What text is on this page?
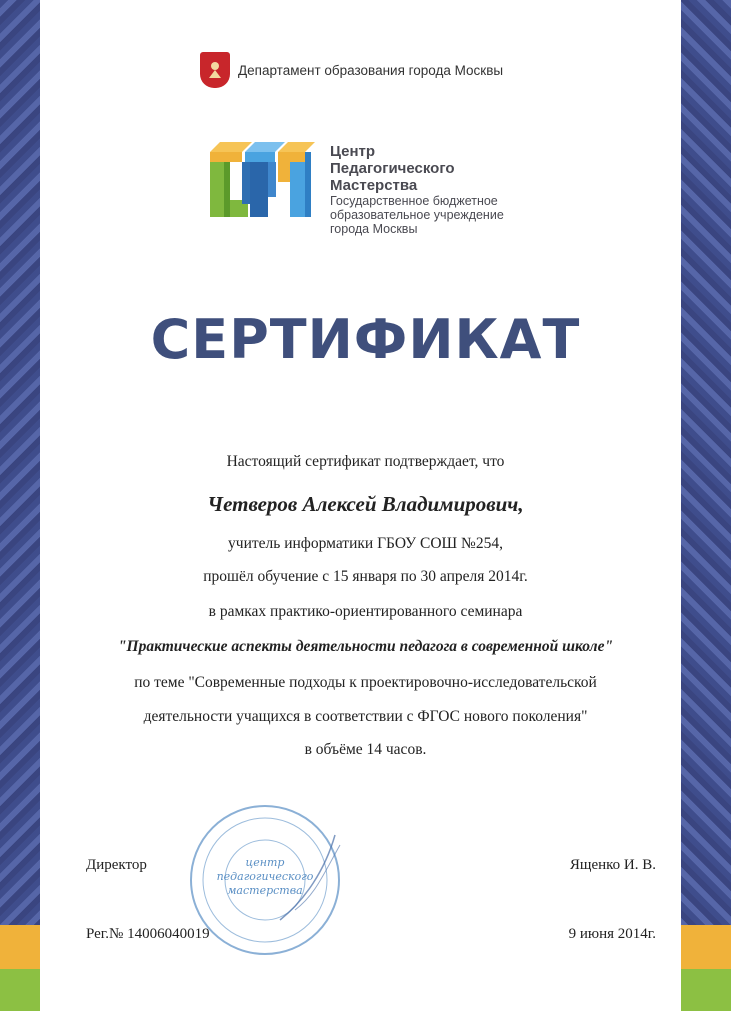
Департамент образования города Москвы
Центр
Педагогического
Мастерства
Государственное бюджетное
образовательное учреждение
города Москвы
СЕРТИФИКАТ
Настоящий сертификат подтверждает, что
Четверов Алексей Владимирович,
учитель информатики ГБОУ СОШ №254,
прошёл обучение с 15 января по 30 апреля 2014г.
в рамках практико-ориентированного семинара
"Практические аспекты деятельности педагога в современной школе"
по теме "Современные подходы к проектировочно-исследовательской
деятельности учащихся в соответствии с ФГОС нового поколения"
в объёме 14 часов.
центр
педагогического
мастерства
Директор	Ященко И. В.
Рег.№ 14006040019	9 июня 2014г.
